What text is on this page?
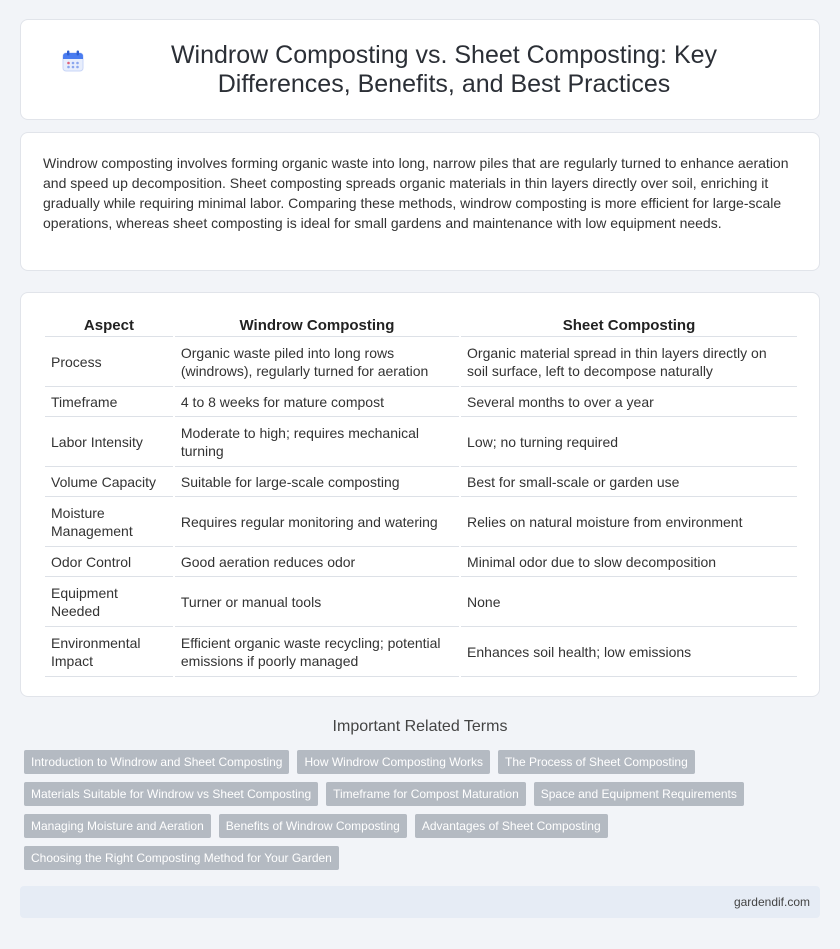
Windrow Composting vs. Sheet Composting: Key Differences, Benefits, and Best Practices

Windrow composting involves forming organic waste into long, narrow piles that are regularly turned to enhance aeration and speed up decomposition. Sheet composting spreads organic materials in thin layers directly over soil, enriching it gradually while requiring minimal labor. Comparing these methods, windrow composting is more efficient for large-scale operations, whereas sheet composting is ideal for small gardens and maintenance with low equipment needs.

Aspect	Windrow Composting	Sheet Composting
Process	Organic waste piled into long rows (windrows), regularly turned for aeration	Organic material spread in thin layers directly on soil surface, left to decompose naturally
Timeframe	4 to 8 weeks for mature compost	Several months to over a year
Labor Intensity	Moderate to high; requires mechanical turning	Low; no turning required
Volume Capacity	Suitable for large-scale composting	Best for small-scale or garden use
Moisture Management	Requires regular monitoring and watering	Relies on natural moisture from environment
Odor Control	Good aeration reduces odor	Minimal odor due to slow decomposition
Equipment Needed	Turner or manual tools	None
Environmental Impact	Efficient organic waste recycling; potential emissions if poorly managed	Enhances soil health; low emissions
Important Related Terms
Introduction to Windrow and Sheet Composting	How Windrow Composting Works	The Process of Sheet Composting
Materials Suitable for Windrow vs Sheet Composting	Timeframe for Compost Maturation	Space and Equipment Requirements
Managing Moisture and Aeration	Benefits of Windrow Composting	Advantages of Sheet Composting
Choosing the Right Composting Method for Your Garden
gardendif.com
